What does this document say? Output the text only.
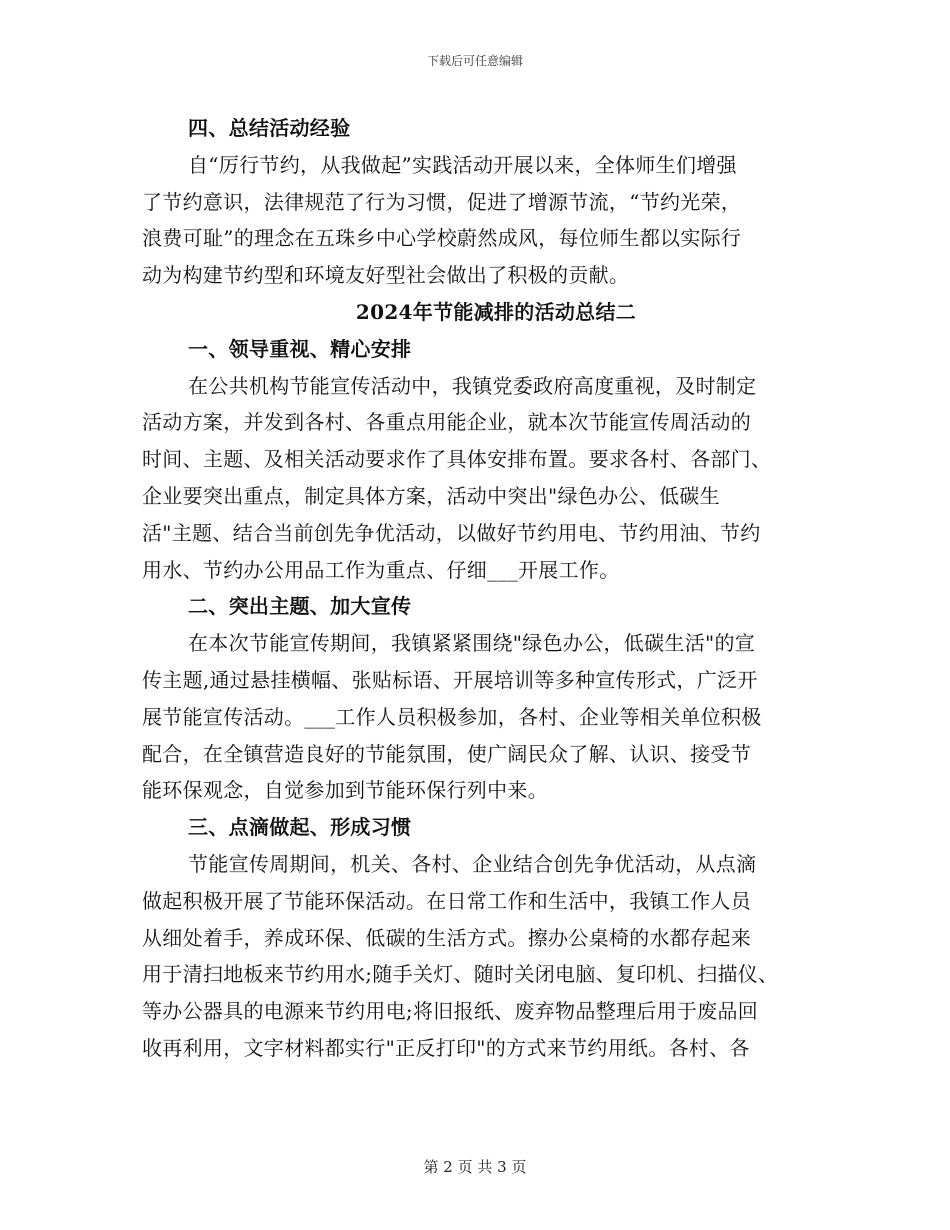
下载后可任意编辑
四、总结活动经验
自“厉行节约，从我做起”实践活动开展以来，全体师生们增强
了节约意识，法律规范了行为习惯，促进了增源节流，“节约光荣，
浪费可耻”的理念在五珠乡中心学校蔚然成风，每位师生都以实际行
动为构建节约型和环境友好型社会做出了积极的贡献。
2024年节能减排的活动总结二
一、领导重视、精心安排
在公共机构节能宣传活动中，我镇党委政府高度重视，及时制定
活动方案，并发到各村、各重点用能企业，就本次节能宣传周活动的
时间、主题、及相关活动要求作了具体安排布置。要求各村、各部门、
企业要突出重点，制定具体方案，活动中突出"绿色办公、低碳生
活"主题、结合当前创先争优活动，以做好节约用电、节约用油、节约
用水、节约办公用品工作为重点、仔细___开展工作。
二、突出主题、加大宣传
在本次节能宣传期间，我镇紧紧围绕"绿色办公，低碳生活"的宣
传主题,通过悬挂横幅、张贴标语、开展培训等多种宣传形式，广泛开
展节能宣传活动。___工作人员积极参加，各村、企业等相关单位积极
配合，在全镇营造良好的节能氛围，使广阔民众了解、认识、接受节
能环保观念，自觉参加到节能环保行列中来。
三、点滴做起、形成习惯
节能宣传周期间，机关、各村、企业结合创先争优活动，从点滴
做起积极开展了节能环保活动。在日常工作和生活中，我镇工作人员
从细处着手，养成环保、低碳的生活方式。擦办公桌椅的水都存起来
用于清扫地板来节约用水;随手关灯、随时关闭电脑、复印机、扫描仪、
等办公器具的电源来节约用电;将旧报纸、废弃物品整理后用于废品回
收再利用，文字材料都实行"正反打印"的方式来节约用纸。各村、各
第 2 页 共 3 页
